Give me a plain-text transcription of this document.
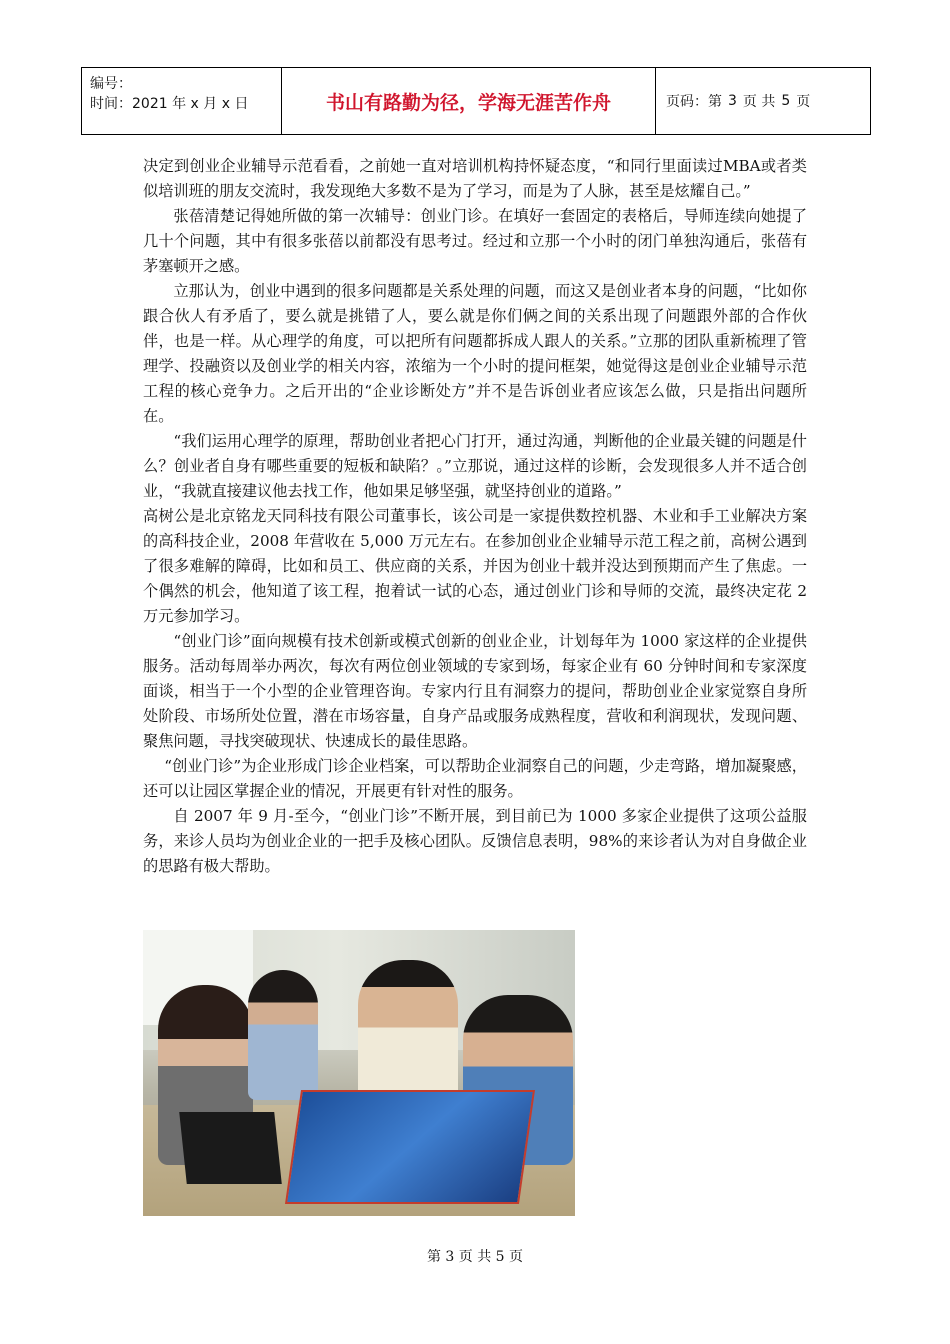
编号：
时间：2021 年 x 月 x 日	书山有路勤为径，学海无涯苦作舟	页码：第 3 页 共 5 页

决定到创业企业辅导示范看看，之前她一直对培训机构持怀疑态度，“和同行里面读过MBA或者类似培训班的朋友交流时，我发现绝大多数不是为了学习，而是为了人脉，甚至是炫耀自己。”

张蓓清楚记得她所做的第一次辅导：创业门诊。在填好一套固定的表格后，导师连续向她提了几十个问题，其中有很多张蓓以前都没有思考过。经过和立那一个小时的闭门单独沟通后，张蓓有茅塞顿开之感。

立那认为，创业中遇到的很多问题都是关系处理的问题，而这又是创业者本身的问题，“比如你跟合伙人有矛盾了，要么就是挑错了人，要么就是你们俩之间的关系出现了问题跟外部的合作伙伴，也是一样。从心理学的角度，可以把所有问题都拆成人跟人的关系。”立那的团队重新梳理了管理学、投融资以及创业学的相关内容，浓缩为一个小时的提问框架，她觉得这是创业企业辅导示范工程的核心竞争力。之后开出的“企业诊断处方”并不是告诉创业者应该怎么做，只是指出问题所在。

“我们运用心理学的原理，帮助创业者把心门打开，通过沟通，判断他的企业最关键的问题是什么？创业者自身有哪些重要的短板和缺陷？。”立那说，通过这样的诊断，会发现很多人并不适合创业，“我就直接建议他去找工作，他如果足够坚强，就坚持创业的道路。”

高树公是北京铭龙天同科技有限公司董事长，该公司是一家提供数控机器、木业和手工业解决方案的高科技企业，2008 年营收在 5,000 万元左右。在参加创业企业辅导示范工程之前，高树公遇到了很多难解的障碍，比如和员工、供应商的关系，并因为创业十载并没达到预期而产生了焦虑。一个偶然的机会，他知道了该工程，抱着试一试的心态，通过创业门诊和导师的交流，最终决定花 2 万元参加学习。

“创业门诊”面向规模有技术创新或模式创新的创业企业，计划每年为 1000 家这样的企业提供服务。活动每周举办两次，每次有两位创业领域的专家到场，每家企业有 60 分钟时间和专家深度面谈，相当于一个小型的企业管理咨询。专家内行且有洞察力的提问，帮助创业企业家觉察自身所处阶段、市场所处位置，潜在市场容量，自身产品或服务成熟程度，营收和利润现状，发现问题、聚焦问题，寻找突破现状、快速成长的最佳思路。

“创业门诊”为企业形成门诊企业档案，可以帮助企业洞察自己的问题，少走弯路，增加凝聚感，还可以让园区掌握企业的情况，开展更有针对性的服务。

自 2007 年 9 月-至今，“创业门诊”不断开展，到目前已为 1000 多家企业提供了这项公益服务，来诊人员均为创业企业的一把手及核心团队。反馈信息表明，98%的来诊者认为对自身做企业的思路有极大帮助。

第 3 页 共 5 页
